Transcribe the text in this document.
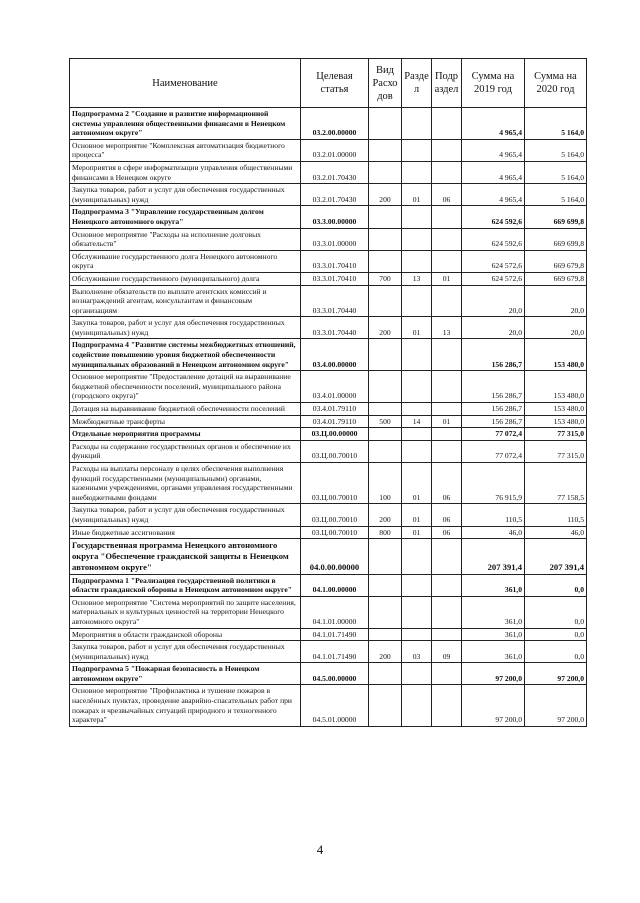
Наименование	Целевая статья	Вид Расхо дов	Разде л	Подр аздел	Сумма на 2019 год	Сумма на 2020 год
Подпрограмма 2 "Создание и развитие информационной системы управления общественными финансами в Ненецком автономном округе"	03.2.00.00000				4 965,4	5 164,0
Основное мероприятие "Комплексная автоматизация бюджетного процесса"	03.2.01.00000				4 965,4	5 164,0
Мероприятия в сфере информатизации управления общественными финансами в Ненецком округе	03.2.01.70430				4 965,4	5 164,0
Закупка товаров, работ и услуг для обеспечения государственных (муниципальных) нужд	03.2.01.70430	200	01	06	4 965,4	5 164,0
Подпрограмма 3 "Управление государственным долгом Ненецкого автономного округа"	03.3.00.00000				624 592,6	669 699,8
Основное мероприятие "Расходы на исполнение долговых обязательств"	03.3.01.00000				624 592,6	669 699,8
Обслуживание государственного долга Ненецкого автономного округа	03.3.01.70410				624 572,6	669 679,8
Обслуживание государственного (муниципального) долга	03.3.01.70410	700	13	01	624 572,6	669 679,8
Выполнение обязательств по выплате агентских комиссий и вознаграждений агентам, консультантам и финансовым организациям	03.3.01.70440				20,0	20,0
Закупка товаров, работ и услуг для обеспечения государственных (муниципальных) нужд	03.3.01.70440	200	01	13	20,0	20,0
Подпрограмма 4 "Развитие системы межбюджетных отношений, содействие повышению уровня бюджетной обеспеченности муниципальных образований в Ненецком автономном округе"	03.4.00.00000				156 286,7	153 480,0
Основное мероприятие "Предоставление дотаций на выравнивание бюджетной обеспеченности поселений, муниципального района (городского округа)"	03.4.01.00000				156 286,7	153 480,0
Дотация на выравнивание бюджетной обеспеченности поселений	03.4.01.79110				156 286,7	153 480,0
Межбюджетные трансферты	03.4.01.79110	500	14	01	156 286,7	153 480,0
Отдельные мероприятия программы	03.Ц.00.00000				77 072,4	77 315,0
Расходы на содержание государственных органов и обеспечение их функций	03.Ц.00.70010				77 072,4	77 315,0
Расходы на выплаты персоналу в целях обеспечения выполнения функций государственными (муниципальными) органами, казенными учреждениями, органами управления государственными внебюджетными фондами	03.Ц.00.70010	100	01	06	76 915,9	77 158,5
Закупка товаров, работ и услуг для обеспечения государственных (муниципальных) нужд	03.Ц.00.70010	200	01	06	110,5	110,5
Иные бюджетные ассигнования	03.Ц.00.70010	800	01	06	46,0	46,0
Государственная программа Ненецкого автономного округа "Обеспечение гражданской защиты в Ненецком автономном округе"	04.0.00.00000				207 391,4	207 391,4
Подпрограмма 1 "Реализация государственной политики в области гражданской обороны в Ненецком автономном округе"	04.1.00.00000				361,0	0,0
Основное мероприятие "Система мероприятий по защите населения, материальных и культурных ценностей на территории Ненецкого автономного округа"	04.1.01.00000				361,0	0,0
Мероприятия в области гражданской обороны	04.1.01.71490				361,0	0,0
Закупка товаров, работ и услуг для обеспечения государственных (муниципальных) нужд	04.1.01.71490	200	03	09	361,0	0,0
Подпрограмма 5 "Пожарная безопасность в Ненецком автономном округе"	04.5.00.00000				97 200,0	97 200,0
Основное мероприятие "Профилактика и тушение пожаров в населённых пунктах, проведение аварийно-спасательных работ при пожарах и чрезвычайных ситуаций природного и техногенного характера"	04.5.01.00000				97 200,0	97 200,0
4
